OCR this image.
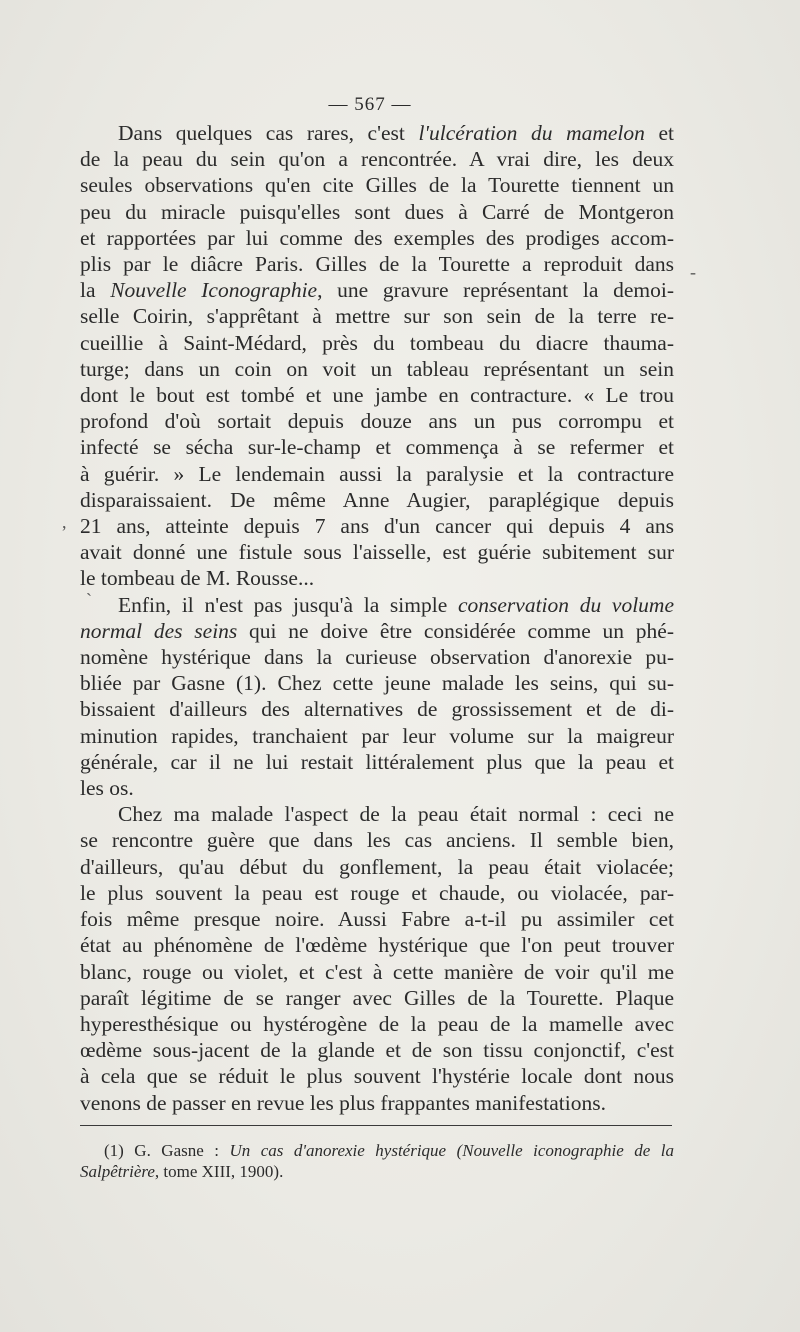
— 567 —

Dans quelques cas rares, c'est l'ulcération du mamelon et
de la peau du sein qu'on a rencontrée. A vrai dire, les deux
seules observations qu'en cite Gilles de la Tourette tiennent un
peu du miracle puisqu'elles sont dues à Carré de Montgeron
et rapportées par lui comme des exemples des prodiges accom-
plis par le diâcre Paris. Gilles de la Tourette a reproduit dans
la Nouvelle Iconographie, une gravure représentant la demoi-
selle Coirin, s'apprêtant à mettre sur son sein de la terre re-
cueillie à Saint-Médard, près du tombeau du diacre thauma-
turge; dans un coin on voit un tableau représentant un sein
dont le bout est tombé et une jambe en contracture. « Le trou
profond d'où sortait depuis douze ans un pus corrompu et
infecté se sécha sur-le-champ et commença à se refermer et
à guérir. » Le lendemain aussi la paralysie et la contracture
disparaissaient. De même Anne Augier, paraplégique depuis
21 ans, atteinte depuis 7 ans d'un cancer qui depuis 4 ans
avait donné une fistule sous l'aisselle, est guérie subitement sur
le tombeau de M. Rousse...

Enfin, il n'est pas jusqu'à la simple conservation du volume
normal des seins qui ne doive être considérée comme un phé-
nomène hystérique dans la curieuse observation d'anorexie pu-
bliée par Gasne (1). Chez cette jeune malade les seins, qui su-
bissaient d'ailleurs des alternatives de grossissement et de di-
minution rapides, tranchaient par leur volume sur la maigreur
générale, car il ne lui restait littéralement plus que la peau et
les os.

Chez ma malade l'aspect de la peau était normal : ceci ne
se rencontre guère que dans les cas anciens. Il semble bien,
d'ailleurs, qu'au début du gonflement, la peau était violacée;
le plus souvent la peau est rouge et chaude, ou violacée, par-
fois même presque noire. Aussi Fabre a-t-il pu assimiler cet
état au phénomène de l'œdème hystérique que l'on peut trouver
blanc, rouge ou violet, et c'est à cette manière de voir qu'il me
paraît légitime de se ranger avec Gilles de la Tourette. Plaque
hyperesthésique ou hystérogène de la peau de la mamelle avec
œdème sous-jacent de la glande et de son tissu conjonctif, c'est
à cela que se réduit le plus souvent l'hystérie locale dont nous
venons de passer en revue les plus frappantes manifestations.

(1) G. Gasne : Un cas d'anorexie hystérique (Nouvelle iconographie de la
Salpêtrière, tome XIII, 1900).
-
,
`
